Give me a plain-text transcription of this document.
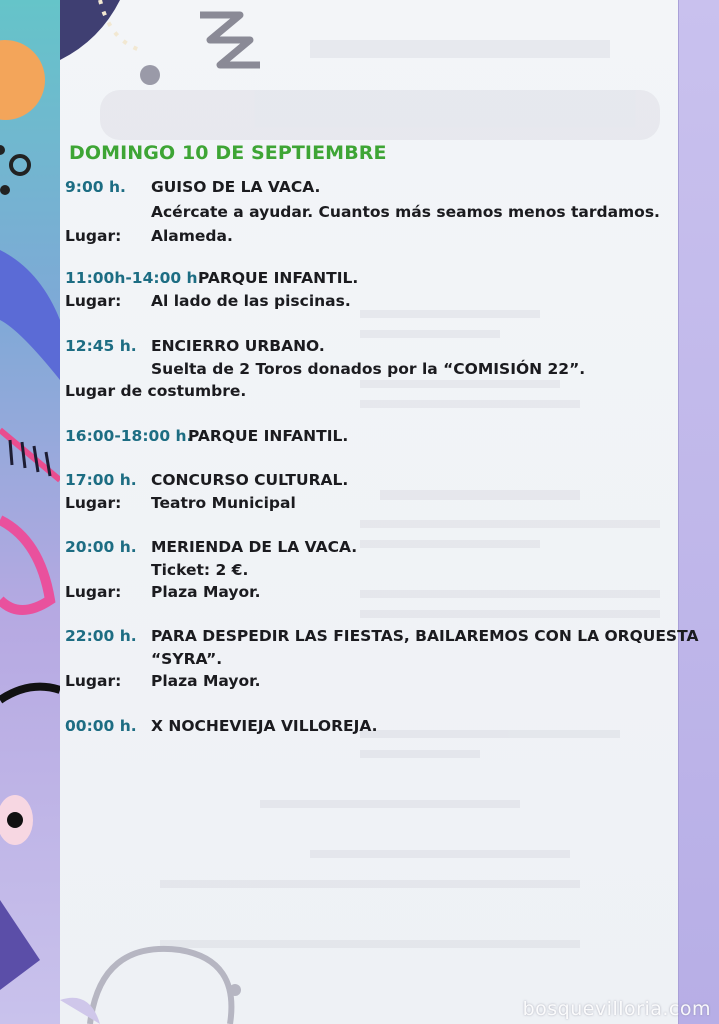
DOMINGO 10 DE SEPTIEMBRE
9:00 h. GUISO DE LA VACA.
Acércate a ayudar. Cuantos más seamos menos tardamos.
Lugar: Alameda.
11:00h-14:00 h.
PARQUE INFANTIL.
Lugar: Al lado de las piscinas.
12:45 h. ENCIERRO URBANO.
Suelta de 2 Toros donados por la “COMISIÓN 22”.
Lugar de costumbre.
16:00-18:00 h.
PARQUE INFANTIL.
17:00 h. CONCURSO CULTURAL.
Lugar: Teatro Municipal
20:00 h. MERIENDA DE LA VACA.
Ticket: 2 €.
Lugar: Plaza Mayor.
22:00 h. PARA DESPEDIR LAS FIESTAS, BAILAREMOS CON LA ORQUESTA
“SYRA”.
Lugar: Plaza Mayor.
00:00 h. X NOCHEVIEJA VILLOREJA.
bosquevilloria.com
